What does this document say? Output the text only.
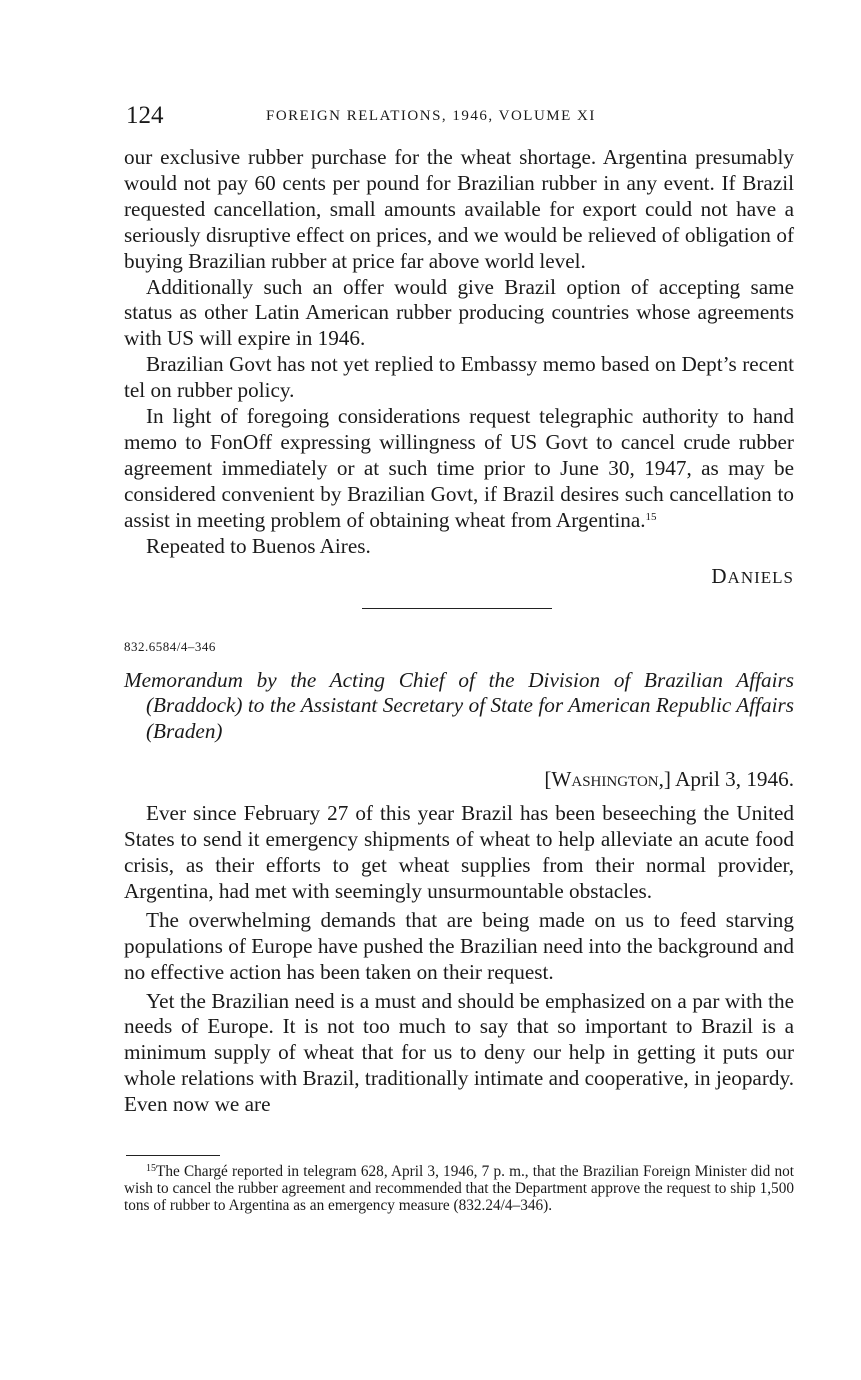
124	FOREIGN RELATIONS, 1946, VOLUME XI

our exclusive rubber purchase for the wheat shortage. Argentina presumably would not pay 60 cents per pound for Brazilian rubber in any event. If Brazil requested cancellation, small amounts available for export could not have a seriously disruptive effect on prices, and we would be relieved of obligation of buying Brazilian rubber at price far above world level.

Additionally such an offer would give Brazil option of accepting same status as other Latin American rubber producing countries whose agreements with US will expire in 1946.

Brazilian Govt has not yet replied to Embassy memo based on Dept’s recent tel on rubber policy.

In light of foregoing considerations request telegraphic authority to hand memo to FonOff expressing willingness of US Govt to cancel crude rubber agreement immediately or at such time prior to June 30, 1947, as may be considered convenient by Brazilian Govt, if Brazil desires such cancellation to assist in meeting problem of obtaining wheat from Argentina.$^{15}$

Repeated to Buenos Aires.

DANIELS
832.6584/4–346
Memorandum by the Acting Chief of the Division of Brazilian Affairs (Braddock) to the Assistant Secretary of State for American Republic Affairs (Braden)
[Washington,] April 3, 1946.

Ever since February 27 of this year Brazil has been beseeching the United States to send it emergency shipments of wheat to help alleviate an acute food crisis, as their efforts to get wheat supplies from their normal provider, Argentina, had met with seemingly unsurmountable obstacles.

The overwhelming demands that are being made on us to feed starving populations of Europe have pushed the Brazilian need into the background and no effective action has been taken on their request.

Yet the Brazilian need is a must and should be emphasized on a par with the needs of Europe. It is not too much to say that so important to Brazil is a minimum supply of wheat that for us to deny our help in getting it puts our whole relations with Brazil, traditionally intimate and cooperative, in jeopardy. Even now we are

$^{15}$The Chargé reported in telegram 628, April 3, 1946, 7 p. m., that the Brazilian Foreign Minister did not wish to cancel the rubber agreement and recommended that the Department approve the request to ship 1,500 tons of rubber to Argentina as an emergency measure (832.24/4–346).
